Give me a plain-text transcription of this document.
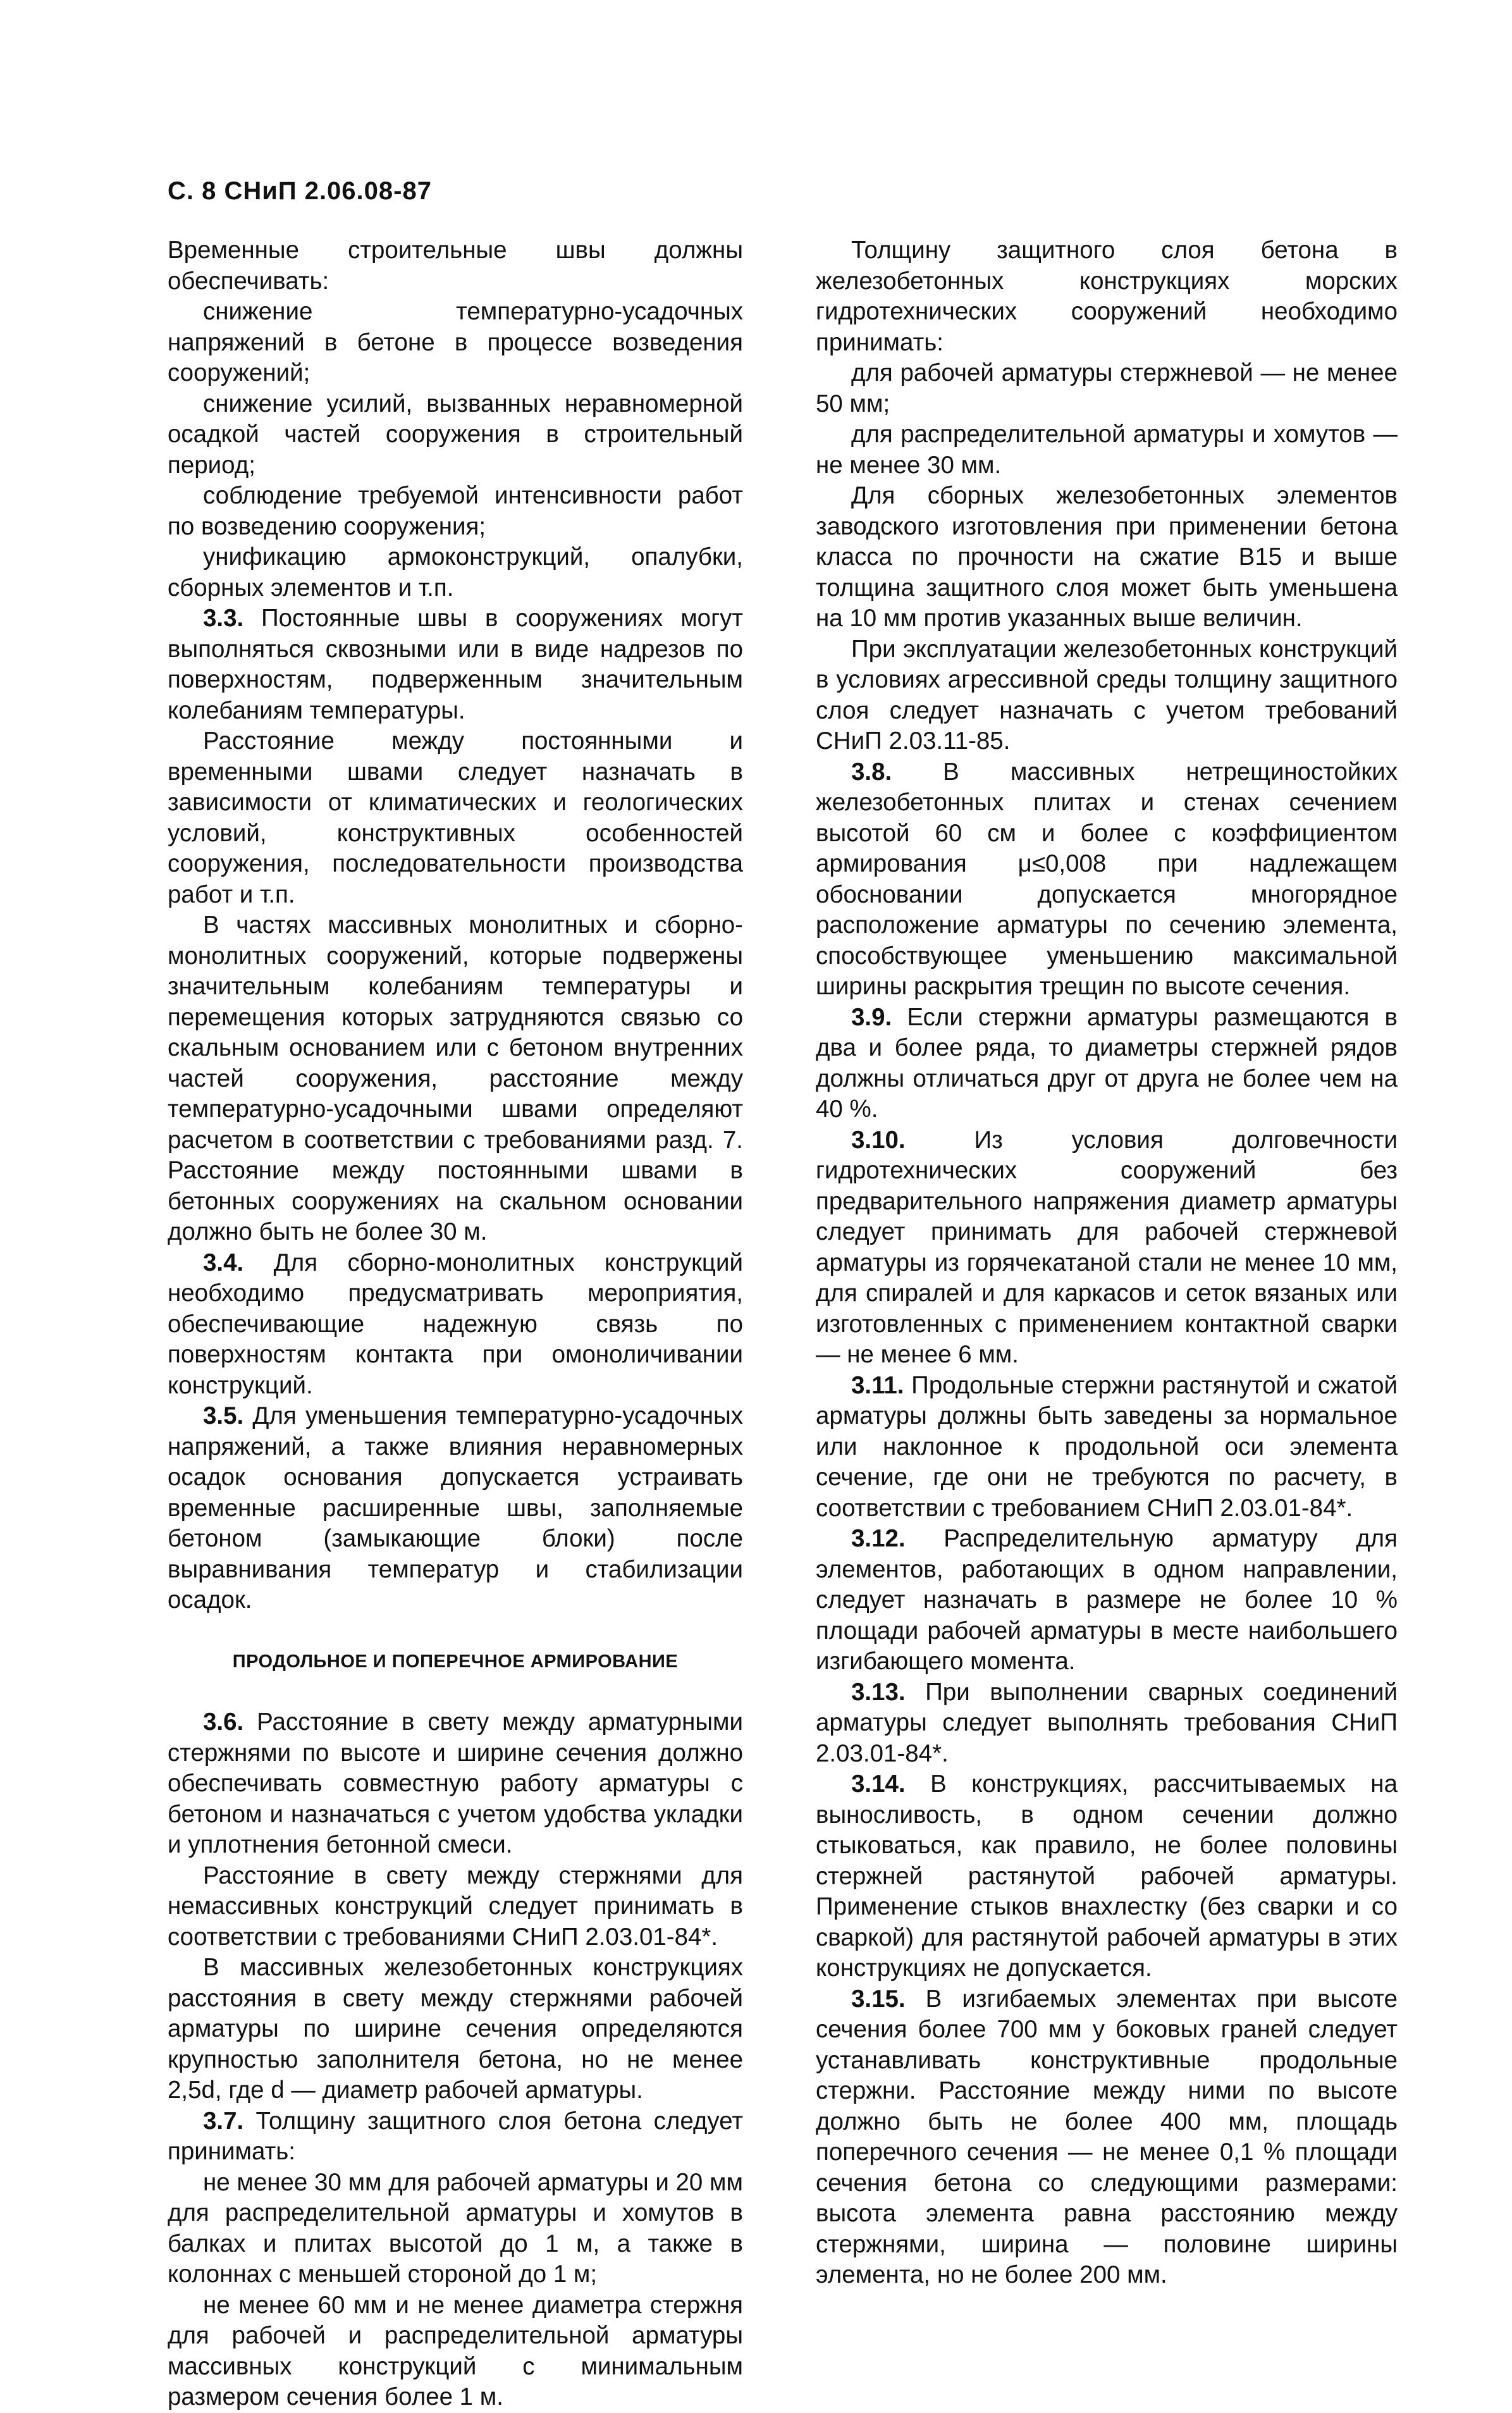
С. 8 СНиП 2.06.08-87

Временные строительные швы должны обеспечивать:

снижение температурно-усадочных напряжений в бетоне в процессе возведения сооружений;

снижение усилий, вызванных неравномерной осадкой частей сооружения в строительный период;

соблюдение требуемой интенсивности работ по возведению сооружения;

унификацию армоконструкций, опалубки, сборных элементов и т.п.

3.3. Постоянные швы в сооружениях могут выполняться сквозными или в виде надрезов по поверхностям, подверженным значительным колебаниям температуры.

Расстояние между постоянными и временными швами следует назначать в зависимости от климатических и геологических условий, конструктивных особенностей сооружения, последовательности производства работ и т.п.

В частях массивных монолитных и сборно-монолитных сооружений, которые подвержены значительным колебаниям температуры и перемещения которых затрудняются связью со скальным основанием или с бетоном внутренних частей сооружения, расстояние между температурно-усадочными швами определяют расчетом в соответствии с требованиями разд. 7. Расстояние между постоянными швами в бетонных сооружениях на скальном основании должно быть не более 30 м.

3.4. Для сборно-монолитных конструкций необходимо предусматривать мероприятия, обеспечивающие надежную связь по поверхностям контакта при омоноличивании конструкций.

3.5. Для уменьшения температурно-усадочных напряжений, а также влияния неравномерных осадок основания допускается устраивать временные расширенные швы, заполняемые бетоном (замыкающие блоки) после выравнивания температур и стабилизации осадок.

ПРОДОЛЬНОЕ И ПОПЕРЕЧНОЕ АРМИРОВАНИЕ

3.6. Расстояние в свету между арматурными стержнями по высоте и ширине сечения должно обеспечивать совместную работу арматуры с бетоном и назначаться с учетом удобства укладки и уплотнения бетонной смеси.

Расстояние в свету между стержнями для немассивных конструкций следует принимать в соответствии с требованиями СНиП 2.03.01-84*.

В массивных железобетонных конструкциях расстояния в свету между стержнями рабочей арматуры по ширине сечения определяются крупностью заполнителя бетона, но не менее 2,5d, где d — диаметр рабочей арматуры.

3.7. Толщину защитного слоя бетона следует принимать:

не менее 30 мм для рабочей арматуры и 20 мм для распределительной арматуры и хомутов в балках и плитах высотой до 1 м, а также в колоннах с меньшей стороной до 1 м;

не менее 60 мм и не менее диаметра стержня для рабочей и распределительной арматуры массивных конструкций с минимальным размером сечения более 1 м.

Толщину защитного слоя бетона в железобетонных конструкциях морских гидротехнических сооружений необходимо принимать:

для рабочей арматуры стержневой — не менее 50 мм;

для распределительной арматуры и хомутов — не менее 30 мм.

Для сборных железобетонных элементов заводского изготовления при применении бетона класса по прочности на сжатие В15 и выше толщина защитного слоя может быть уменьшена на 10 мм против указанных выше величин.

При эксплуатации железобетонных конструкций в условиях агрессивной среды толщину защитного слоя следует назначать с учетом требований СНиП 2.03.11-85.

3.8. В массивных нетрещиностойких железобетонных плитах и стенах сечением высотой 60 см и более с коэффициентом армирования μ≤0,008 при надлежащем обосновании допускается многорядное расположение арматуры по сечению элемента, способствующее уменьшению максимальной ширины раскрытия трещин по высоте сечения.

3.9. Если стержни арматуры размещаются в два и более ряда, то диаметры стержней рядов должны отличаться друг от друга не более чем на 40 %.

3.10. Из условия долговечности гидротехнических сооружений без предварительного напряжения диаметр арматуры следует принимать для рабочей стержневой арматуры из горячекатаной стали не менее 10 мм, для спиралей и для каркасов и сеток вязаных или изготовленных с применением контактной сварки — не менее 6 мм.

3.11. Продольные стержни растянутой и сжатой арматуры должны быть заведены за нормальное или наклонное к продольной оси элемента сечение, где они не требуются по расчету, в соответствии с требованием СНиП 2.03.01-84*.

3.12. Распределительную арматуру для элементов, работающих в одном направлении, следует назначать в размере не более 10 % площади рабочей арматуры в месте наибольшего изгибающего момента.

3.13. При выполнении сварных соединений арматуры следует выполнять требования СНиП 2.03.01-84*.

3.14. В конструкциях, рассчитываемых на выносливость, в одном сечении должно стыковаться, как правило, не более половины стержней растянутой рабочей арматуры. Применение стыков внахлестку (без сварки и со сваркой) для растянутой рабочей арматуры в этих конструкциях не допускается.

3.15. В изгибаемых элементах при высоте сечения более 700 мм у боковых граней следует устанавливать конструктивные продольные стержни. Расстояние между ними по высоте должно быть не более 400 мм, площадь поперечного сечения — не менее 0,1 % площади сечения бетона со следующими размерами: высота элемента равна расстоянию между стержнями, ширина — половине ширины элемента, но не более 200 мм.
